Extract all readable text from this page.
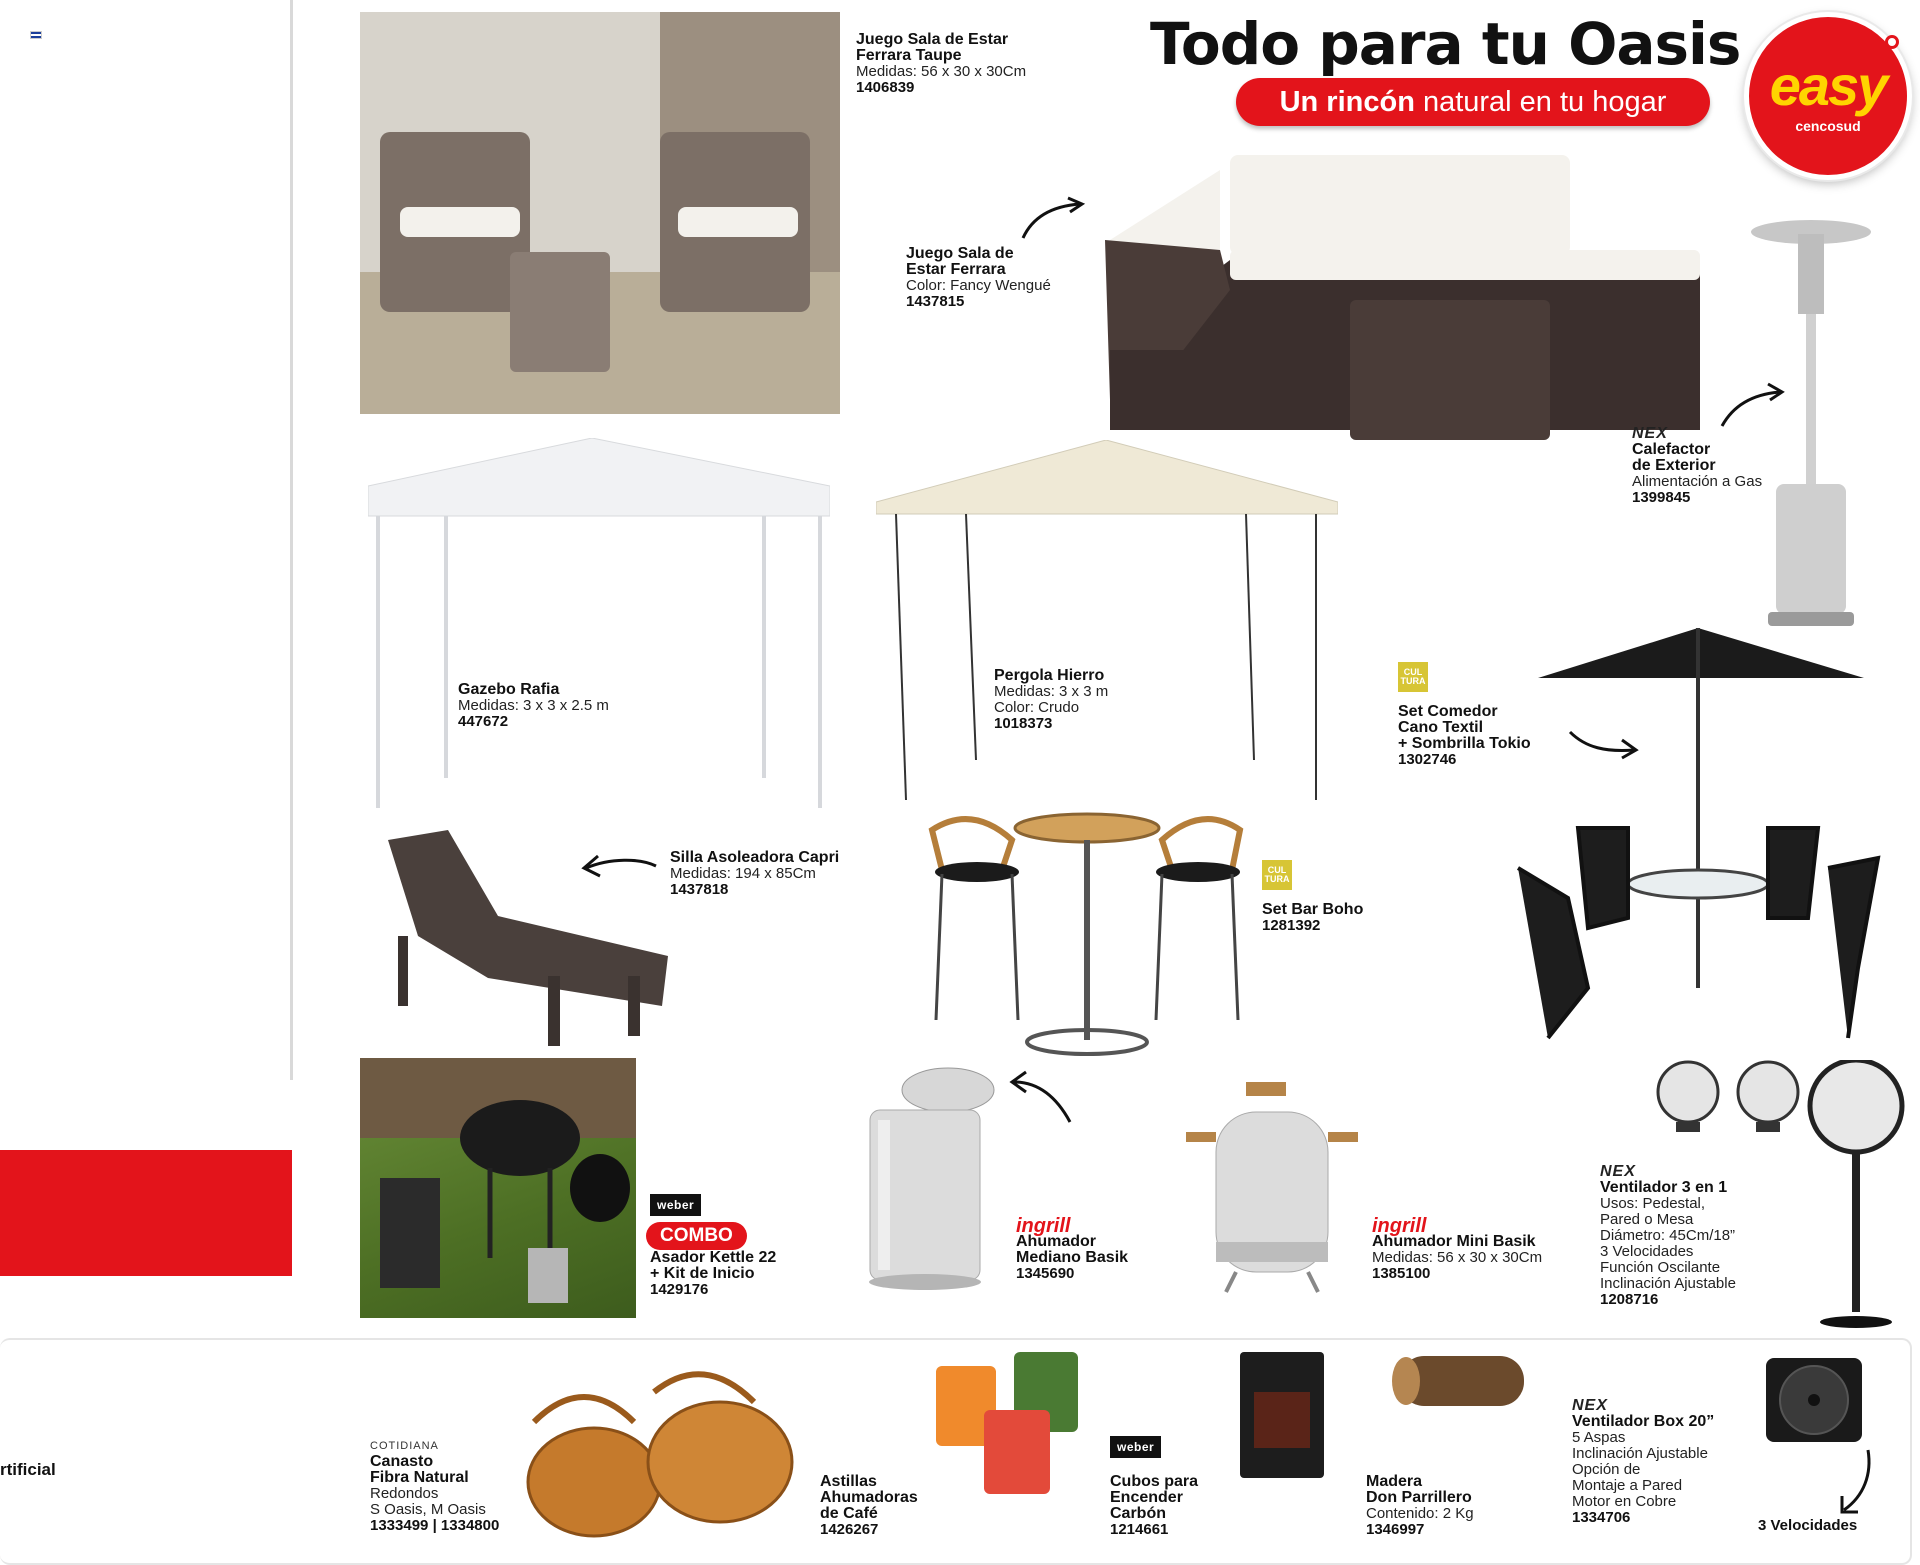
rtificial
Todo para tu Oasis
Un rincón natural en tu hogar easy
cencosud
Juego Sala de Estar
Ferrara Taupe
Medidas: 56 x 30 x 30Cm
1406839
Juego Sala de
Estar Ferrara
Color: Fancy Wengué
1437815
NEX
Calefactor
de Exterior
Alimentación a Gas
1399845
Gazebo Rafia
Medidas: 3 x 3 x 2.5 m
447672
Pergola Hierro
Medidas: 3 x 3 m
Color: Crudo
1018373
CUL TURA
Set Comedor
Cano Textil
+ Sombrilla Tokio
1302746
Silla Asoleadora Capri
Medidas: 194 x 85Cm
1437818
CUL TURA
Set Bar Boho
1281392
weber
COMBO
Asador Kettle 22
+ Kit de Inicio
1429176
ingrill
Ahumador
Mediano Basik
1345690
ingrill
Ahumador Mini Basik
Medidas: 56 x 30 x 30Cm
1385100
NEX
Ventilador 3 en 1
Usos: Pedestal,
Pared o Mesa
Diámetro: 45Cm/18”
3 Velocidades
Función Oscilante
Inclinación Ajustable
1208716
COTIDIANA
Canasto
Fibra Natural
Redondos
S Oasis, M Oasis
1333499 | 1334800
Astillas
Ahumadoras
de Café
1426267
weber
Cubos para
Encender
Carbón
1214661
Madera
Don Parrillero
Contenido: 2 Kg
1346997
NEX
Ventilador Box 20”
5 Aspas
Inclinación Ajustable
Opción de
Montaje a Pared
Motor en Cobre
1334706	3 Velocidades
